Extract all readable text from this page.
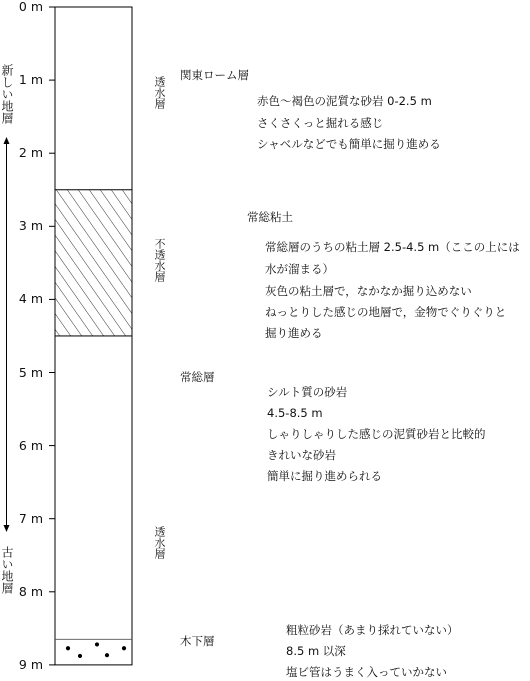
0 m
1 m
2 m
3 m
4 m
5 m
6 m
7 m
8 m
9 m
新しい地層
古い地層
透水層
不透水層
透水層
関東ローム層
赤色～褐色の泥質な砂岩 0-2.5 m
さくさくっと掘れる感じ
シャベルなどでも簡単に掘り進める
常総粘土
常総層のうちの粘土層 2.5-4.5 m（ここの上には
水が溜まる）
灰色の粘土層で，なかなか掘り込めない
ねっとりした感じの地層で，金物でぐりぐりと
掘り進める
常総層
シルト質の砂岩
4.5-8.5 m
しゃりしゃりした感じの泥質砂岩と比較的
きれいな砂岩
簡単に掘り進められる
木下層
粗粒砂岩（あまり採れていない）
8.5 m 以深
塩ビ管はうまく入っていかない
